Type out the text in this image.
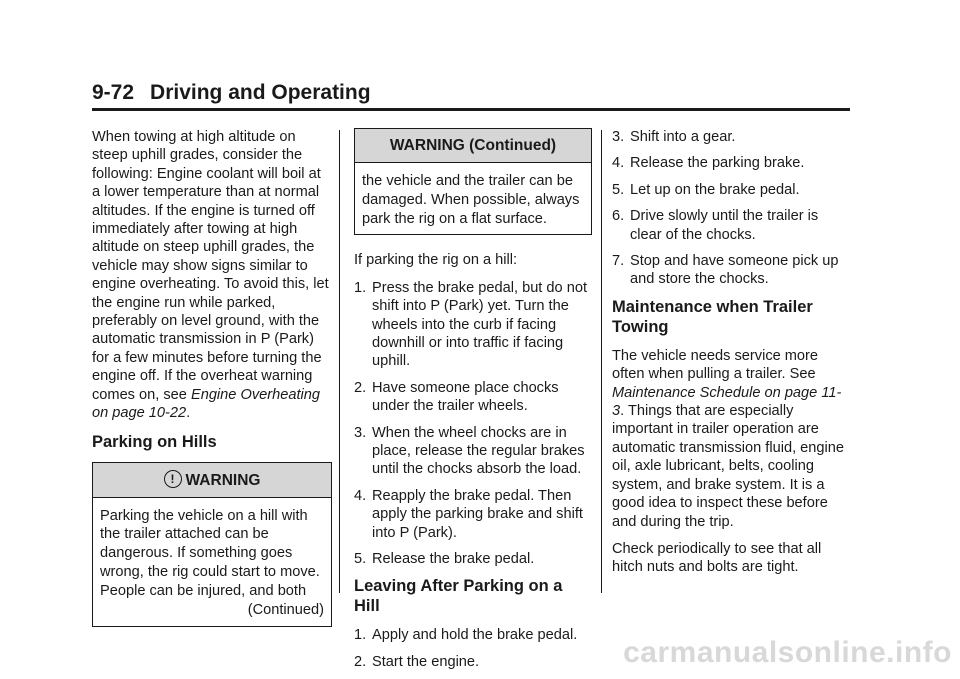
9-72 Driving and Operating

When towing at high altitude on steep uphill grades, consider the following: Engine coolant will boil at a lower temperature than at normal altitudes. If the engine is turned off immediately after towing at high altitude on steep uphill grades, the vehicle may show signs similar to engine overheating. To avoid this, let the engine run while parked, preferably on level ground, with the automatic transmission in P (Park) for a few minutes before turning the engine off. If the overheat warning comes on, see Engine Overheating on page 10-22.

Parking on Hills
! WARNING
Parking the vehicle on a hill with the trailer attached can be dangerous. If something goes wrong, the rig could start to move. People can be injured, and both
(Continued)
WARNING (Continued)
the vehicle and the trailer can be damaged. When possible, always park the rig on a flat surface.

If parking the rig on a hill:

1. Press the brake pedal, but do not shift into P (Park) yet. Turn the wheels into the curb if facing downhill or into traffic if facing uphill.
2. Have someone place chocks under the trailer wheels.
3. When the wheel chocks are in place, release the regular brakes until the chocks absorb the load.
4. Reapply the brake pedal. Then apply the parking brake and shift into P (Park).
5. Release the brake pedal.
Leaving After Parking on a Hill
1. Apply and hold the brake pedal.
2. Start the engine.
3. Shift into a gear.
4. Release the parking brake.
5. Let up on the brake pedal.
6. Drive slowly until the trailer is clear of the chocks.
7. Stop and have someone pick up and store the chocks.
Maintenance when Trailer Towing

The vehicle needs service more often when pulling a trailer. See Maintenance Schedule on page 11-3. Things that are especially important in trailer operation are automatic transmission fluid, engine oil, axle lubricant, belts, cooling system, and brake system. It is a good idea to inspect these before and during the trip.

Check periodically to see that all hitch nuts and bolts are tight.

carmanualsonline.info
